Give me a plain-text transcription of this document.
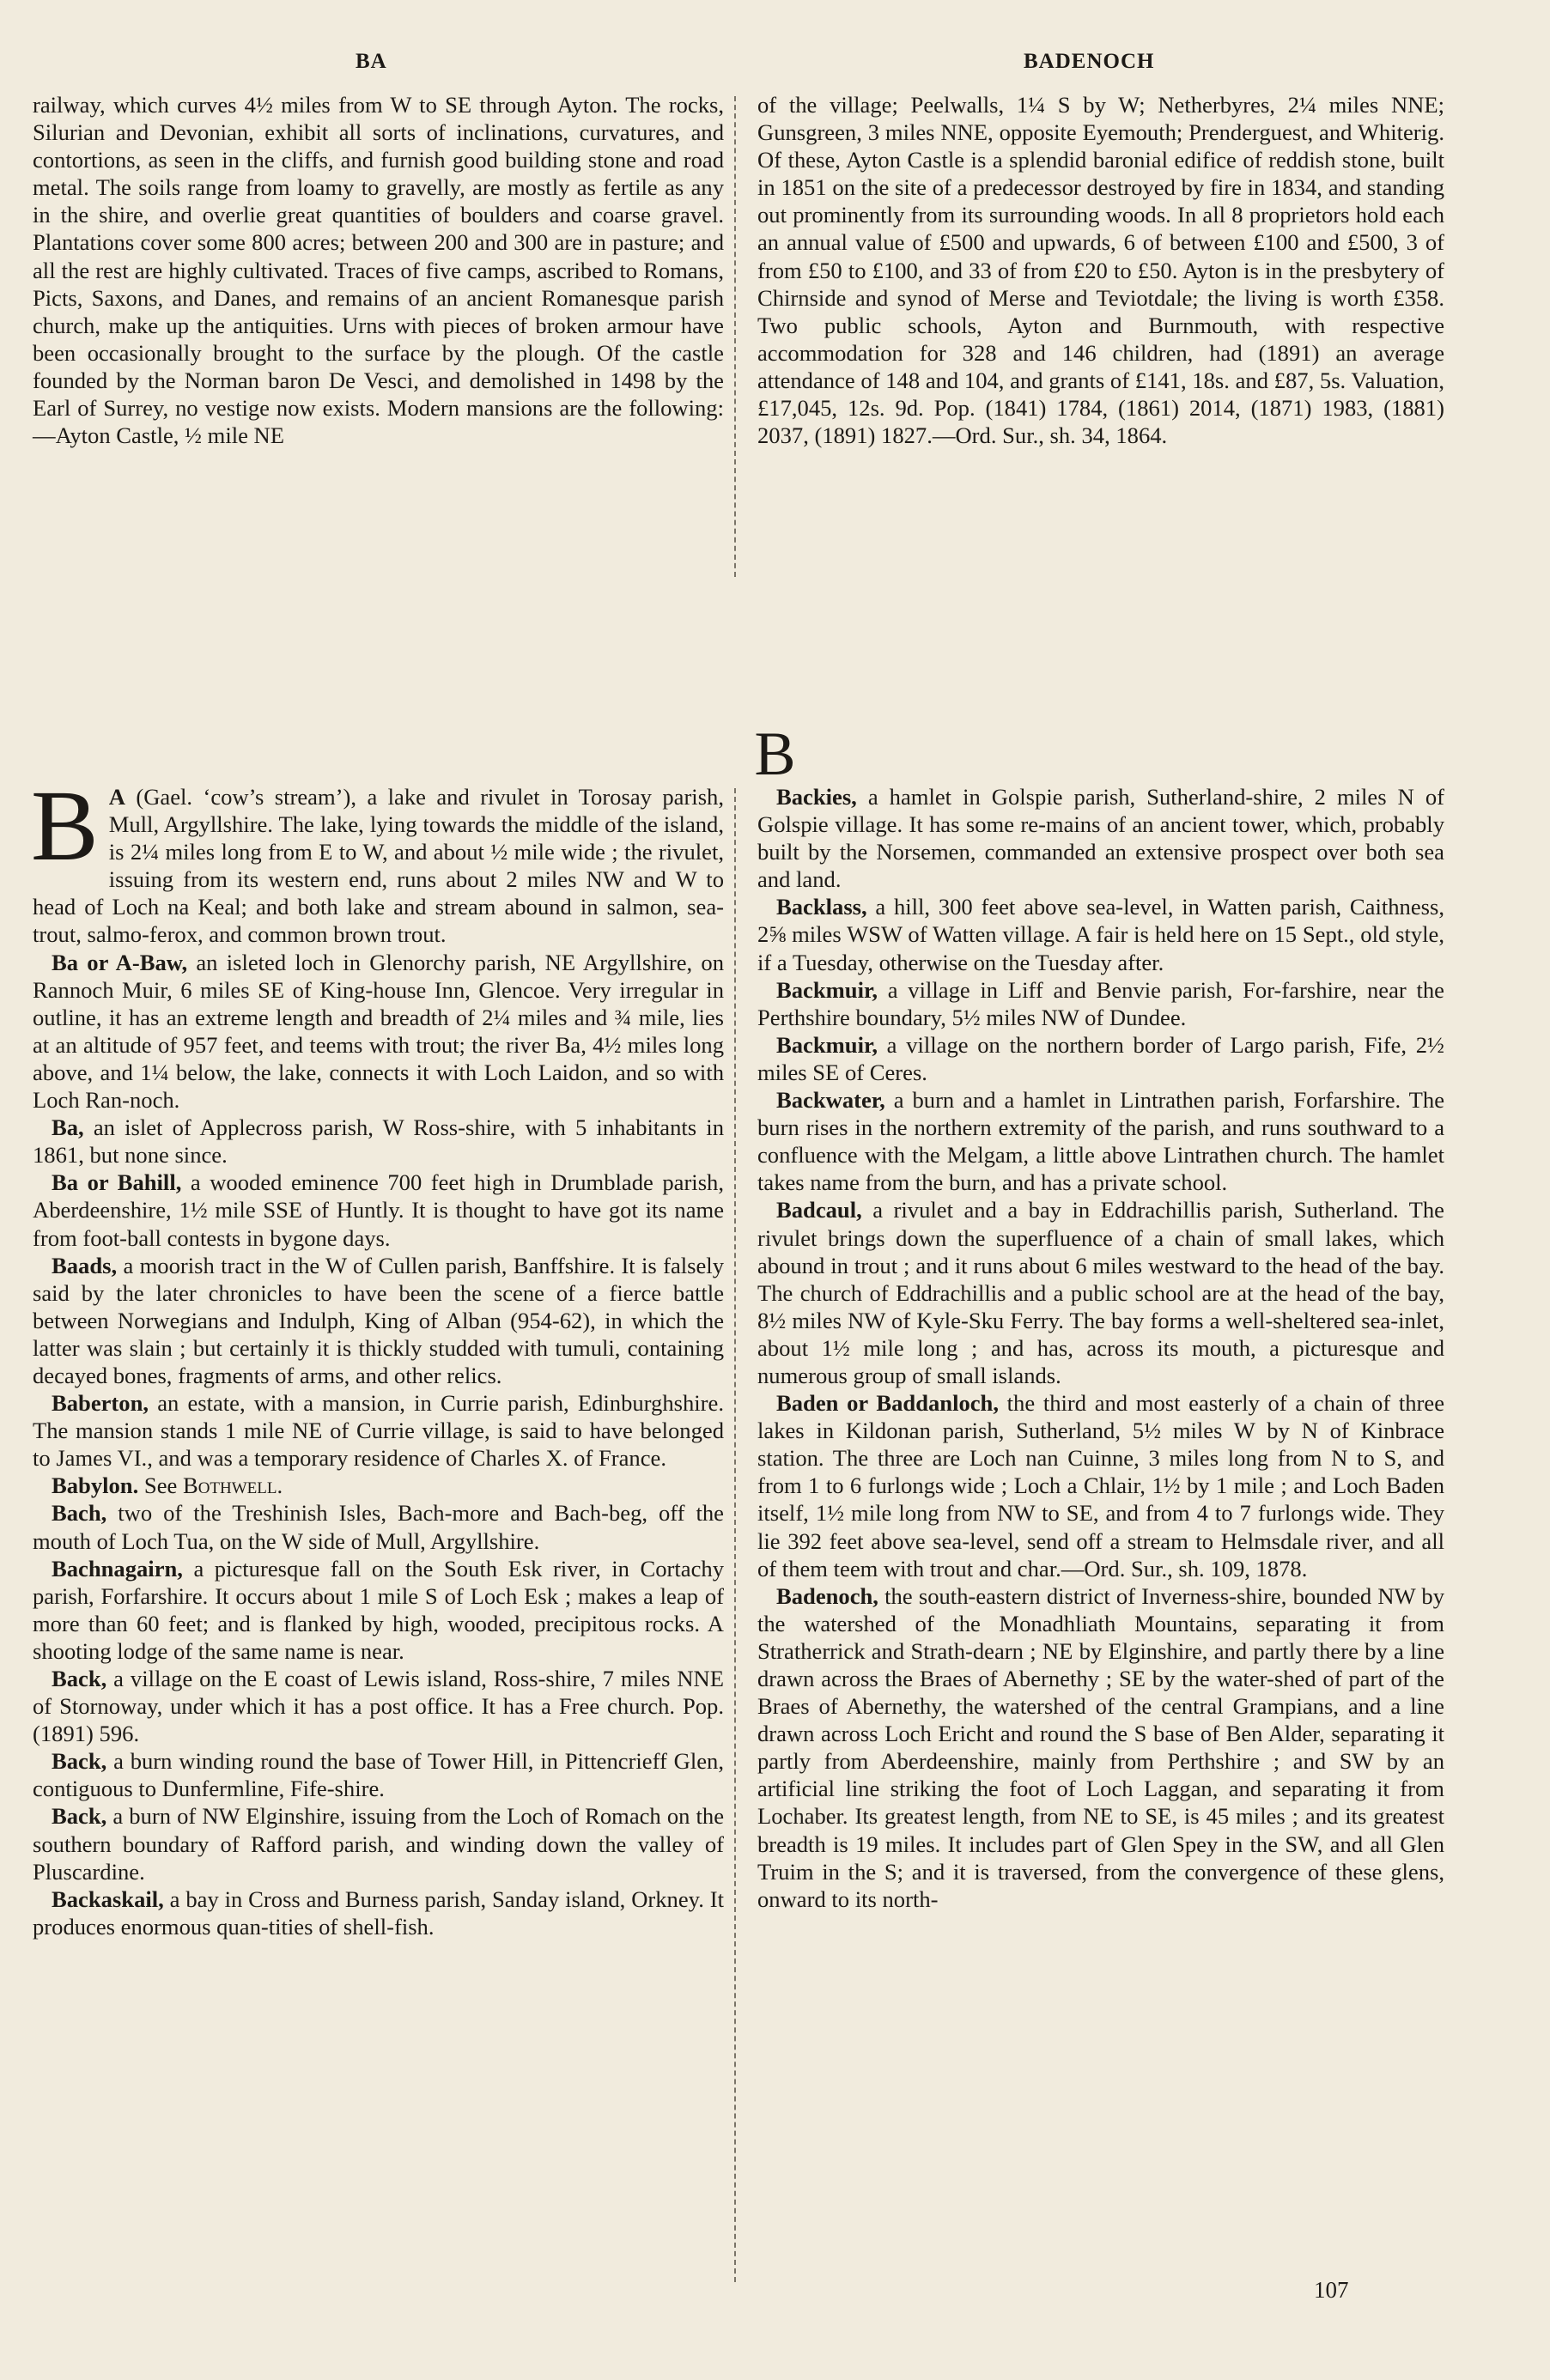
BA	BADENOCH

railway, which curves 4½ miles from W to SE through Ayton. The rocks, Silurian and Devonian, exhibit all sorts of inclinations, curvatures, and contortions, as seen in the cliffs, and furnish good building stone and road metal. The soils range from loamy to gravelly, are mostly as fertile as any in the shire, and overlie great quantities of boulders and coarse gravel. Plantations cover some 800 acres; between 200 and 300 are in pasture; and all the rest are highly cultivated. Traces of five camps, ascribed to Romans, Picts, Saxons, and Danes, and remains of an ancient Romanesque parish church, make up the antiquities. Urns with pieces of broken armour have been occasionally brought to the surface by the plough. Of the castle founded by the Norman baron De Vesci, and demolished in 1498 by the Earl of Surrey, no vestige now exists. Modern mansions are the following:—Ayton Castle, ½ mile NE

of the village; Peelwalls, 1¼ S by W; Netherbyres, 2¼ miles NNE; Gunsgreen, 3 miles NNE, opposite Eyemouth; Prenderguest, and Whiterig. Of these, Ayton Castle is a splendid baronial edifice of reddish stone, built in 1851 on the site of a predecessor destroyed by fire in 1834, and standing out prominently from its surrounding woods. In all 8 proprietors hold each an annual value of £500 and upwards, 6 of between £100 and £500, 3 of from £50 to £100, and 33 of from £20 to £50. Ayton is in the presbytery of Chirnside and synod of Merse and Teviotdale; the living is worth £358. Two public schools, Ayton and Burnmouth, with respective accommodation for 328 and 146 children, had (1891) an average attendance of 148 and 104, and grants of £141, 18s. and £87, 5s. Valuation, £17,045, 12s. 9d. Pop. (1841) 1784, (1861) 2014, (1871) 1983, (1881) 2037, (1891) 1827.—Ord. Sur., sh. 34, 1864.

B

B A (Gael. ‘cow’s stream’), a lake and rivulet in Torosay parish, Mull, Argyllshire. The lake, lying towards the middle of the island, is 2¼ miles long from E to W, and about ½ mile wide ; the rivulet, issuing from its western end, runs about 2 miles NW and W to head of Loch na Keal; and both lake and stream abound in salmon, sea-trout, salmo-ferox, and common brown trout.

Ba or A-Baw, an isleted loch in Glenorchy parish, NE Argyllshire, on Rannoch Muir, 6 miles SE of King-house Inn, Glencoe. Very irregular in outline, it has an extreme length and breadth of 2¼ miles and ¾ mile, lies at an altitude of 957 feet, and teems with trout; the river Ba, 4½ miles long above, and 1¼ below, the lake, connects it with Loch Laidon, and so with Loch Ran-noch.

Ba, an islet of Applecross parish, W Ross-shire, with 5 inhabitants in 1861, but none since.

Ba or Bahill, a wooded eminence 700 feet high in Drumblade parish, Aberdeenshire, 1½ mile SSE of Huntly. It is thought to have got its name from foot-ball contests in bygone days.

Baads, a moorish tract in the W of Cullen parish, Banffshire. It is falsely said by the later chronicles to have been the scene of a fierce battle between Norwegians and Indulph, King of Alban (954-62), in which the latter was slain ; but certainly it is thickly studded with tumuli, containing decayed bones, fragments of arms, and other relics.

Baberton, an estate, with a mansion, in Currie parish, Edinburghshire. The mansion stands 1 mile NE of Currie village, is said to have belonged to James VI., and was a temporary residence of Charles X. of France.

Babylon. See Bothwell.

Bach, two of the Treshinish Isles, Bach-more and Bach-beg, off the mouth of Loch Tua, on the W side of Mull, Argyllshire.

Bachnagairn, a picturesque fall on the South Esk river, in Cortachy parish, Forfarshire. It occurs about 1 mile S of Loch Esk ; makes a leap of more than 60 feet; and is flanked by high, wooded, precipitous rocks. A shooting lodge of the same name is near.

Back, a village on the E coast of Lewis island, Ross-shire, 7 miles NNE of Stornoway, under which it has a post office. It has a Free church. Pop. (1891) 596.

Back, a burn winding round the base of Tower Hill, in Pittencrieff Glen, contiguous to Dunfermline, Fife-shire.

Back, a burn of NW Elginshire, issuing from the Loch of Romach on the southern boundary of Rafford parish, and winding down the valley of Pluscardine.

Backaskail, a bay in Cross and Burness parish, Sanday island, Orkney. It produces enormous quan-tities of shell-fish.

Backies, a hamlet in Golspie parish, Sutherland-shire, 2 miles N of Golspie village. It has some re-mains of an ancient tower, which, probably built by the Norsemen, commanded an extensive prospect over both sea and land.

Backlass, a hill, 300 feet above sea-level, in Watten parish, Caithness, 2⅝ miles WSW of Watten village. A fair is held here on 15 Sept., old style, if a Tuesday, otherwise on the Tuesday after.

Backmuir, a village in Liff and Benvie parish, For-farshire, near the Perthshire boundary, 5½ miles NW of Dundee.

Backmuir, a village on the northern border of Largo parish, Fife, 2½ miles SE of Ceres.

Backwater, a burn and a hamlet in Lintrathen parish, Forfarshire. The burn rises in the northern extremity of the parish, and runs southward to a confluence with the Melgam, a little above Lintrathen church. The hamlet takes name from the burn, and has a private school.

Badcaul, a rivulet and a bay in Eddrachillis parish, Sutherland. The rivulet brings down the superfluence of a chain of small lakes, which abound in trout ; and it runs about 6 miles westward to the head of the bay. The church of Eddrachillis and a public school are at the head of the bay, 8½ miles NW of Kyle-Sku Ferry. The bay forms a well-sheltered sea-inlet, about 1½ mile long ; and has, across its mouth, a picturesque and numerous group of small islands.

Baden or Baddanloch, the third and most easterly of a chain of three lakes in Kildonan parish, Sutherland, 5½ miles W by N of Kinbrace station. The three are Loch nan Cuinne, 3 miles long from N to S, and from 1 to 6 furlongs wide ; Loch a Chlair, 1½ by 1 mile ; and Loch Baden itself, 1½ mile long from NW to SE, and from 4 to 7 furlongs wide. They lie 392 feet above sea-level, send off a stream to Helmsdale river, and all of them teem with trout and char.—Ord. Sur., sh. 109, 1878.

Badenoch, the south-eastern district of Inverness-shire, bounded NW by the watershed of the Monadhliath Mountains, separating it from Stratherrick and Strath-dearn ; NE by Elginshire, and partly there by a line drawn across the Braes of Abernethy ; SE by the water-shed of part of the Braes of Abernethy, the watershed of the central Grampians, and a line drawn across Loch Ericht and round the S base of Ben Alder, separating it partly from Aberdeenshire, mainly from Perthshire ; and SW by an artificial line striking the foot of Loch Laggan, and separating it from Lochaber. Its greatest length, from NE to SE, is 45 miles ; and its greatest breadth is 19 miles. It includes part of Glen Spey in the SW, and all Glen Truim in the S; and it is traversed, from the convergence of these glens, onward to its north-

107
